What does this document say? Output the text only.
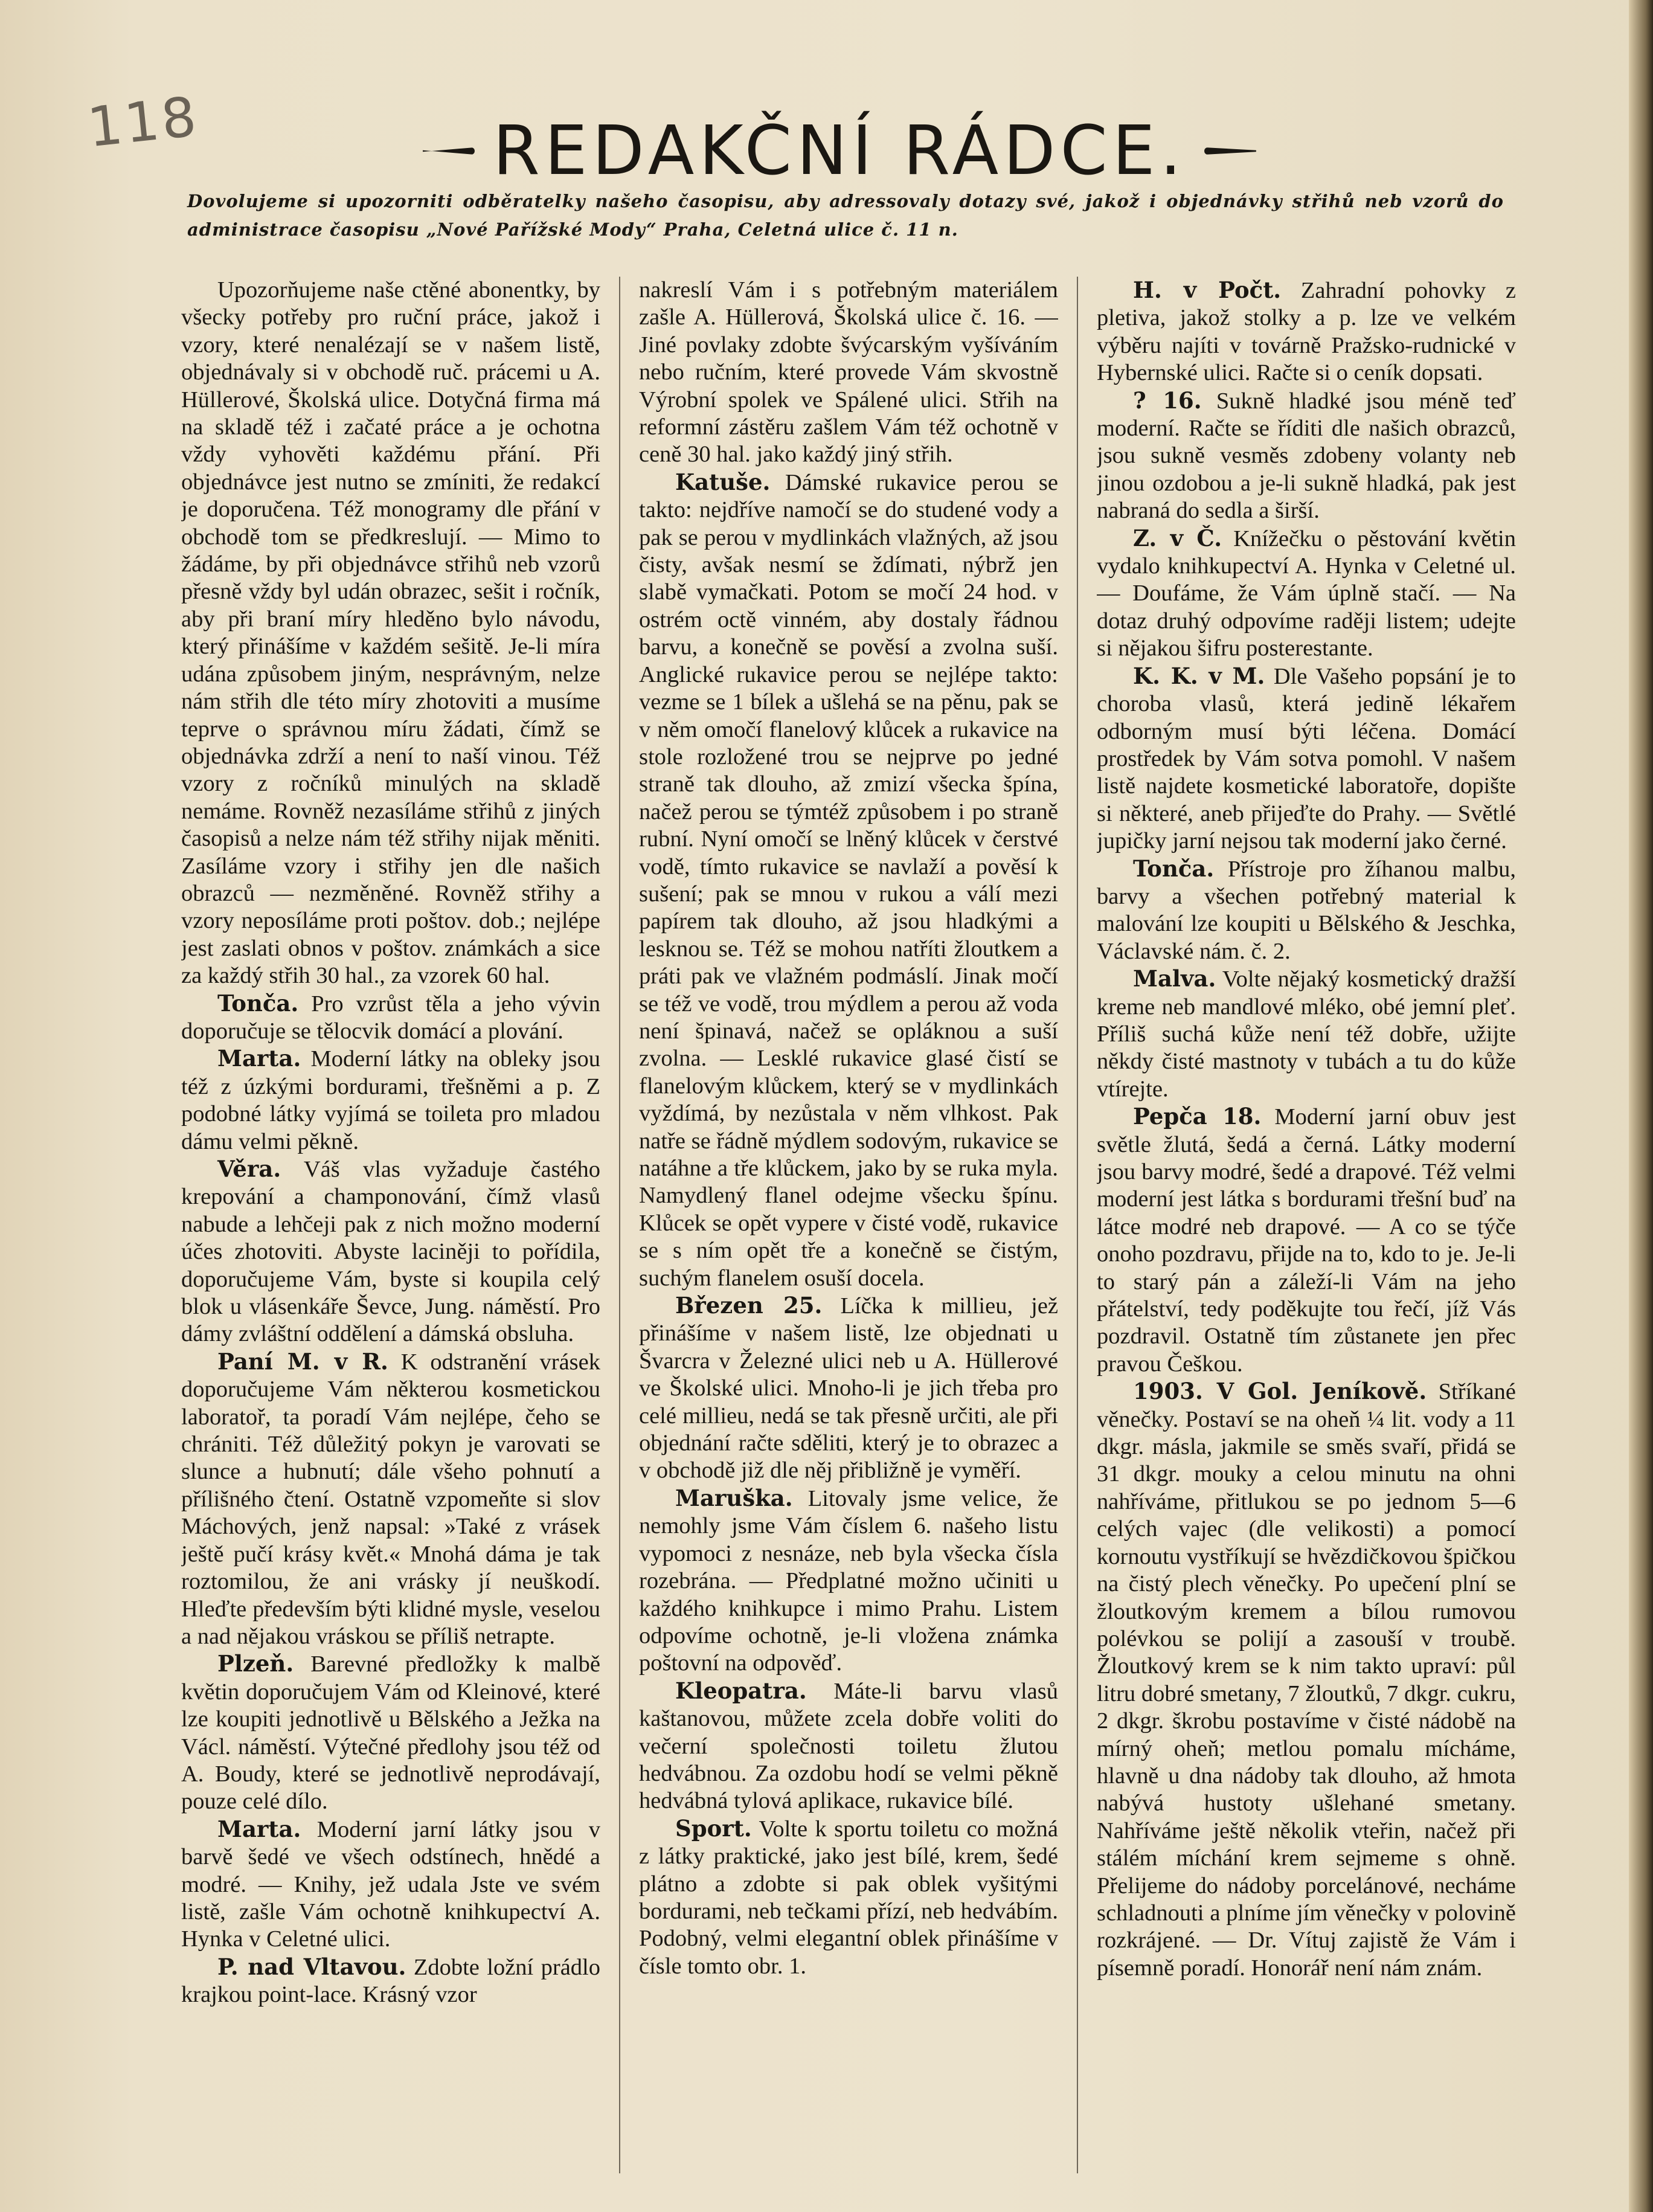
118	REDAKČNÍ RÁDCE.
Dovolujeme si upozorniti odběratelky našeho časopisu, aby adressovaly dotazy své, jakož i objednávky střihů neb vzorů do administrace časopisu „Nové Pařížské Mody“ Praha, Celetná ulice č. 11 n.

Upozorňujeme naše ctěné abonentky, by všecky potřeby pro ruční práce, jakož i vzory, které nenalézají se v našem listě, objednávaly si v obchodě ruč. prácemi u A. Hüllerové, Školská ulice. Dotyčná firma má na skladě též i začaté práce a je ochotna vždy vyhověti každému přání. Při objednávce jest nutno se zmíniti, že redakcí je doporučena. Též monogramy dle přání v obchodě tom se předkreslují. — Mimo to žádáme, by při objednávce střihů neb vzorů přesně vždy byl udán obrazec, sešit i ročník, aby při braní míry hleděno bylo návodu, který přinášíme v každém sešitě. Je-li míra udána způsobem jiným, nesprávným, nelze nám střih dle této míry zhotoviti a musíme teprve o správnou míru žádati, čímž se objednávka zdrží a není to naší vinou. Též vzory z ročníků minulých na skladě nemáme. Rovněž nezasíláme střihů z jiných časopisů a nelze nám též střihy nijak měniti. Zasíláme vzory i střihy jen dle našich obrazců — nezměněné. Rovněž střihy a vzory neposíláme proti poštov. dob.; nejlépe jest zaslati obnos v poštov. známkách a sice za každý střih 30 hal., za vzorek 60 hal.

Tonča. Pro vzrůst těla a jeho vývin doporučuje se tělocvik domácí a plování.

Marta. Moderní látky na obleky jsou též z úzkými bordurami, třešněmi a p. Z podobné látky vyjímá se toileta pro mladou dámu velmi pěkně.

Věra. Váš vlas vyžaduje častého krepování a champonování, čímž vlasů nabude a lehčeji pak z nich možno moderní účes zhotoviti. Abyste laciněji to pořídila, doporučujeme Vám, byste si koupila celý blok u vlásenkáře Ševce, Jung. náměstí. Pro dámy zvláštní oddělení a dámská obsluha.

Paní M. v R. K odstranění vrásek doporučujeme Vám některou kosmetickou laboratoř, ta poradí Vám nejlépe, čeho se chrániti. Též důležitý pokyn je varovati se slunce a hubnutí; dále všeho pohnutí a přílišného čtení. Ostatně vzpomeňte si slov Máchových, jenž napsal: »Také z vrásek ještě pučí krásy květ.« Mnohá dáma je tak roztomilou, že ani vrásky jí neuškodí. Hleďte především býti klidné mysle, veselou a nad nějakou vráskou se příliš netrapte.

Plzeň. Barevné předložky k malbě květin doporučujem Vám od Kleinové, které lze koupiti jednotlivě u Bělského a Ježka na Václ. náměstí. Výtečné předlohy jsou též od A. Boudy, které se jednotlivě neprodávají, pouze celé dílo.

Marta. Moderní jarní látky jsou v barvě šedé ve všech odstínech, hnědé a modré. — Knihy, jež udala Jste ve svém listě, zašle Vám ochotně knihkupectví A. Hynka v Celetné ulici.

P. nad Vltavou. Zdobte ložní prádlo krajkou point-lace. Krásný vzor

nakreslí Vám i s potřebným materiálem zašle A. Hüllerová, Školská ulice č. 16. — Jiné povlaky zdobte švýcarským vyšíváním nebo ručním, které provede Vám skvostně Výrobní spolek ve Spálené ulici. Střih na reformní zástěru zašlem Vám též ochotně v ceně 30 hal. jako každý jiný střih.

Katuše. Dámské rukavice perou se takto: nejdříve namočí se do studené vody a pak se perou v mydlinkách vlažných, až jsou čisty, avšak nesmí se ždímati, nýbrž jen slabě vymačkati. Potom se močí 24 hod. v ostrém octě vinném, aby dostaly řádnou barvu, a konečně se pověsí a zvolna suší. Anglické rukavice perou se nejlépe takto: vezme se 1 bílek a ušlehá se na pěnu, pak se v něm omočí flanelový klůcek a rukavice na stole rozložené trou se nejprve po jedné straně tak dlouho, až zmizí všecka špína, načež perou se týmtéž způsobem i po straně rubní. Nyní omočí se lněný klůcek v čerstvé vodě, tímto rukavice se navlaží a pověsí k sušení; pak se mnou v rukou a válí mezi papírem tak dlouho, až jsou hladkými a lesknou se. Též se mohou natříti žloutkem a práti pak ve vlažném podmáslí. Jinak močí se též ve vodě, trou mýdlem a perou až voda není špinavá, načež se opláknou a suší zvolna. — Lesklé rukavice glasé čistí se flanelovým klůckem, který se v mydlinkách vyždímá, by nezůstala v něm vlhkost. Pak natře se řádně mýdlem sodovým, rukavice se natáhne a tře klůckem, jako by se ruka myla. Namydlený flanel odejme všecku špínu. Klůcek se opět vypere v čisté vodě, rukavice se s ním opět tře a konečně se čistým, suchým flanelem osuší docela.

Březen 25. Líčka k millieu, jež přinášíme v našem listě, lze objednati u Švarcra v Železné ulici neb u A. Hüllerové ve Školské ulici. Mnoho-li je jich třeba pro celé millieu, nedá se tak přesně určiti, ale při objednání račte sděliti, který je to obrazec a v obchodě již dle něj přibližně je vyměří.

Maruška. Litovaly jsme velice, že nemohly jsme Vám číslem 6. našeho listu vypomoci z nesnáze, neb byla všecka čísla rozebrána. — Předplatné možno učiniti u každého knihkupce i mimo Prahu. Listem odpovíme ochotně, je-li vložena známka poštovní na odpověď.

Kleopatra. Máte-li barvu vlasů kaštanovou, můžete zcela dobře voliti do večerní společnosti toiletu žlutou hedvábnou. Za ozdobu hodí se velmi pěkně hedvábná tylová aplikace, rukavice bílé.

Sport. Volte k sportu toiletu co možná z látky praktické, jako jest bílé, krem, šedé plátno a zdobte si pak oblek vyšitými bordurami, neb tečkami přízí, neb hedvábím. Podobný, velmi elegantní oblek přinášíme v čísle tomto obr. 1.

H. v Počt. Zahradní pohovky z pletiva, jakož stolky a p. lze ve velkém výběru najíti v továrně Pražsko-rudnické v Hybernské ulici. Račte si o ceník dopsati.

? 16. Sukně hladké jsou méně teď moderní. Račte se říditi dle našich obrazců, jsou sukně vesměs zdobeny volanty neb jinou ozdobou a je-li sukně hladká, pak jest nabraná do sedla a širší.

Z. v Č. Knížečku o pěstování květin vydalo knihkupectví A. Hynka v Celetné ul. — Doufáme, že Vám úplně stačí. — Na dotaz druhý odpovíme raději listem; udejte si nějakou šifru posterestante.

K. K. v M. Dle Vašeho popsání je to choroba vlasů, která jedině lékařem odborným musí býti léčena. Domácí prostředek by Vám sotva pomohl. V našem listě najdete kosmetické laboratoře, dopište si některé, aneb přijeďte do Prahy. — Světlé jupičky jarní nejsou tak moderní jako černé.

Tonča. Přístroje pro žíhanou malbu, barvy a všechen potřebný material k malování lze koupiti u Bělského & Jeschka, Václavské nám. č. 2.

Malva. Volte nějaký kosmetický dražší kreme neb mandlové mléko, obé jemní pleť. Příliš suchá kůže není též dobře, užijte někdy čisté mastnoty v tubách a tu do kůže vtírejte.

Pepča 18. Moderní jarní obuv jest světle žlutá, šedá a černá. Látky moderní jsou barvy modré, šedé a drapové. Též velmi moderní jest látka s bordurami třešní buď na látce modré neb drapové. — A co se týče onoho pozdravu, přijde na to, kdo to je. Je-li to starý pán a záleží-li Vám na jeho přátelství, tedy poděkujte tou řečí, jíž Vás pozdravil. Ostatně tím zůstanete jen přec pravou Češkou.

1903. V Gol. Jeníkově. Stříkané věnečky. Postaví se na oheň ¼ lit. vody a 11 dkgr. másla, jakmile se směs svaří, přidá se 31 dkgr. mouky a celou minutu na ohni nahříváme, přitlukou se po jednom 5—6 celých vajec (dle velikosti) a pomocí kornoutu vystříkují se hvězdičkovou špičkou na čistý plech věnečky. Po upečení plní se žloutkovým kremem a bílou rumovou polévkou se polijí a zasouší v troubě. Žloutkový krem se k nim takto upraví: půl litru dobré smetany, 7 žloutků, 7 dkgr. cukru, 2 dkgr. škrobu postavíme v čisté nádobě na mírný oheň; metlou pomalu mícháme, hlavně u dna nádoby tak dlouho, až hmota nabývá hustoty ušlehané smetany. Nahříváme ještě několik vteřin, načež při stálém míchání krem sejmeme s ohně. Přelijeme do nádoby porcelánové, necháme schladnouti a plníme jím věnečky v polovině rozkrájené. — Dr. Vítuj zajistě že Vám i písemně poradí. Honorář není nám znám.
